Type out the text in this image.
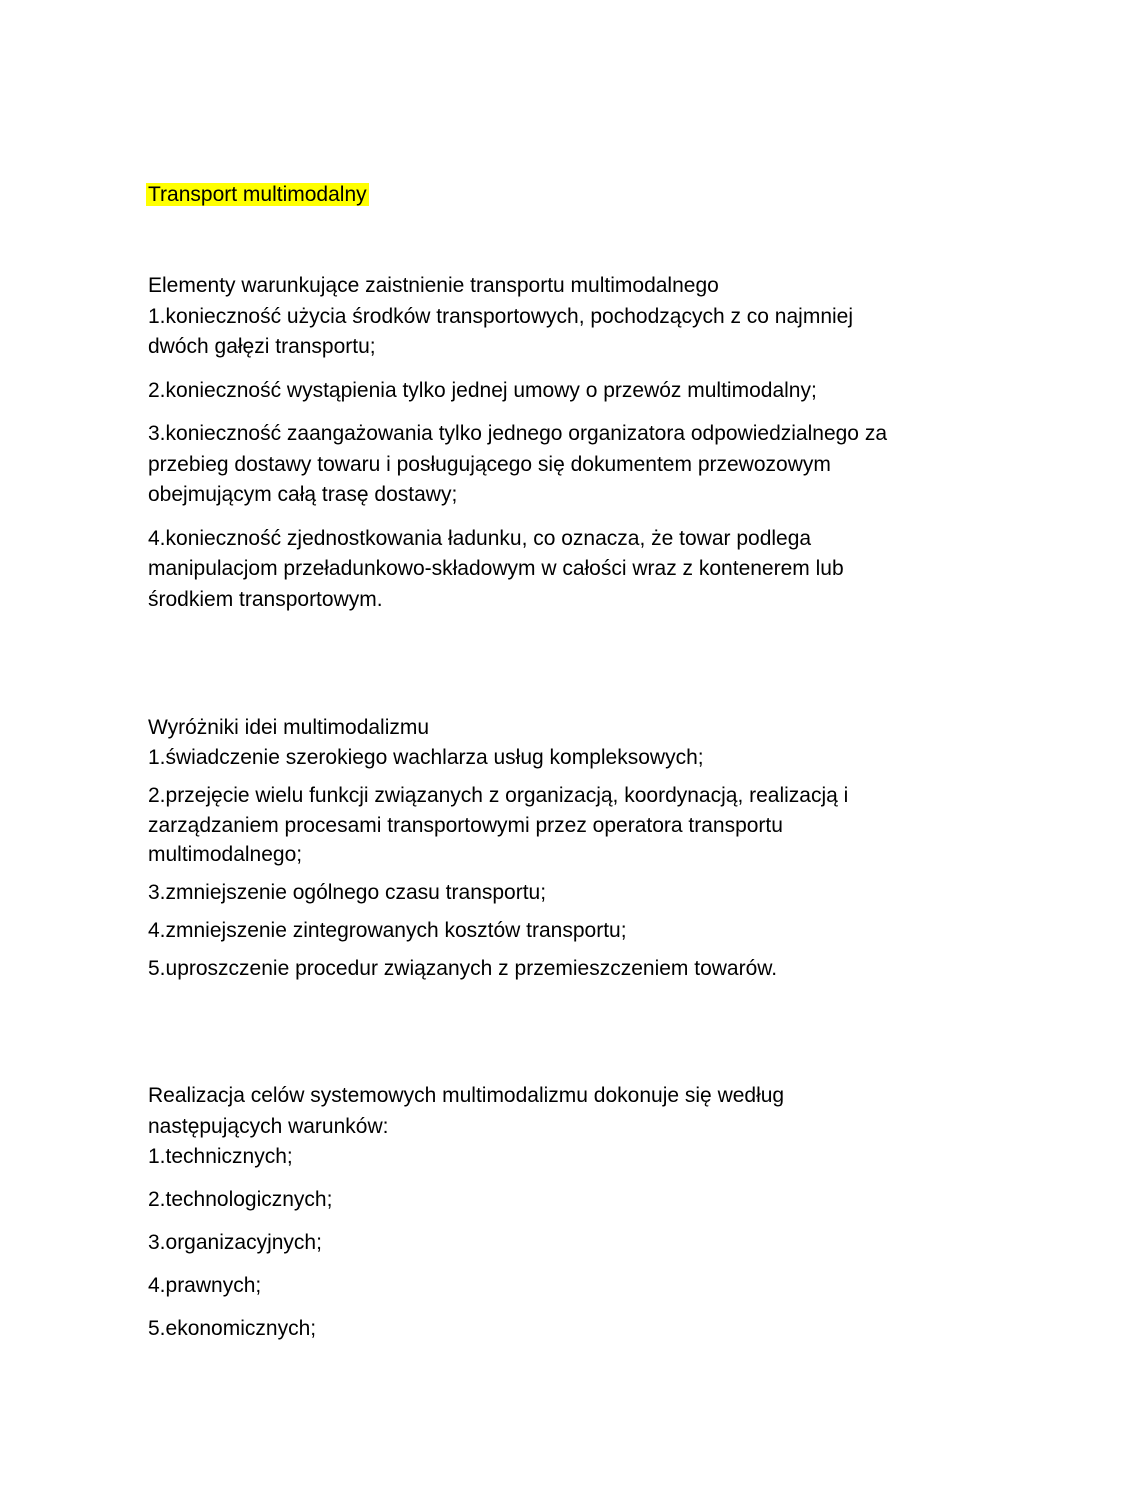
Transport multimodalny
Elementy warunkujące zaistnienie transportu multimodalnego
1.konieczność użycia środków transportowych, pochodzących z co najmniej
dwóch gałęzi transportu;
2.konieczność wystąpienia tylko jednej umowy o przewóz multimodalny;
3.konieczność zaangażowania tylko jednego organizatora odpowiedzialnego za
przebieg dostawy towaru i posługującego się dokumentem przewozowym
obejmującym całą trasę dostawy;
4.konieczność zjednostkowania ładunku, co oznacza, że towar podlega
manipulacjom przeładunkowo-składowym w całości wraz z kontenerem lub
środkiem transportowym.
Wyróżniki idei multimodalizmu
1.świadczenie szerokiego wachlarza usług kompleksowych;
2.przejęcie wielu funkcji związanych z organizacją, koordynacją, realizacją i
zarządzaniem procesami transportowymi przez operatora transportu
multimodalnego;
3.zmniejszenie ogólnego czasu transportu;
4.zmniejszenie zintegrowanych kosztów transportu;
5.uproszczenie procedur związanych z przemieszczeniem towarów.
Realizacja celów systemowych multimodalizmu dokonuje się według
następujących warunków:
1.technicznych;
2.technologicznych;
3.organizacyjnych;
4.prawnych;
5.ekonomicznych;
